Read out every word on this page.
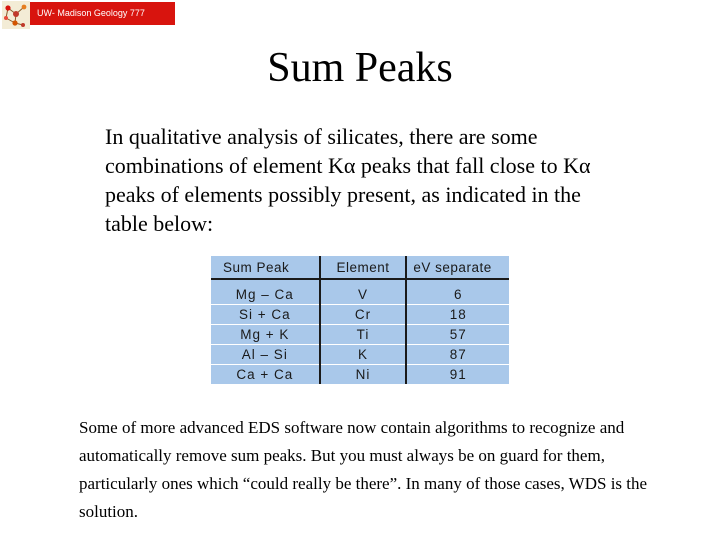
UW- Madison Geology 777
Sum Peaks
In qualitative analysis of silicates, there are some combinations of element Kα peaks that fall close to Kα peaks of elements possibly present, as indicated in the table below:
Sum Peak	Element	eV separate
Mg – Ca	V	6
Si + Ca	Cr	18
Mg + K	Ti	57
Al – Si	K	87
Ca + Ca	Ni	91
Some of more advanced EDS software now contain algorithms to recognize and automatically remove sum peaks. But you must always be on guard for them, particularly ones which “could really be there”. In many of those cases, WDS is the solution.
